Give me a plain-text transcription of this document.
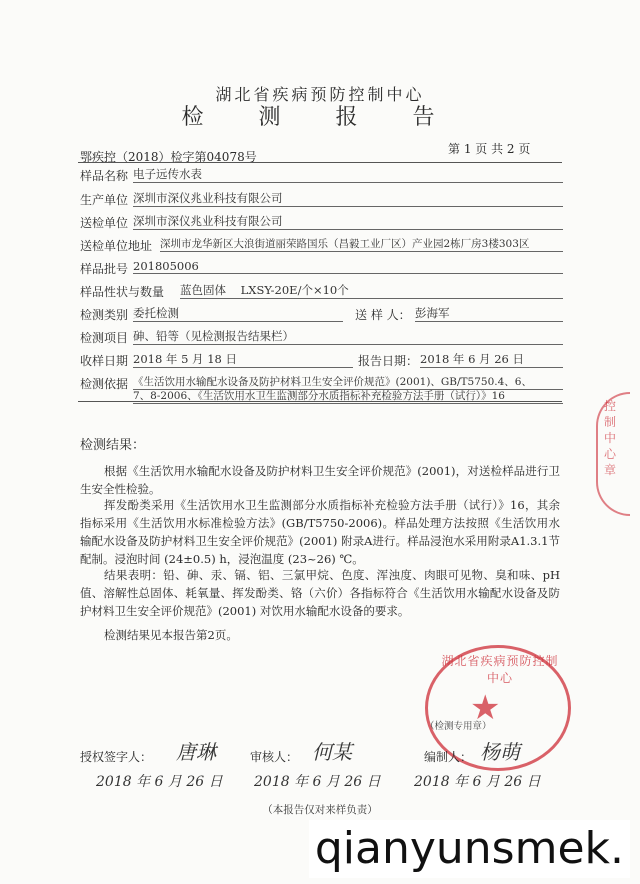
湖北省疾病预防控制中心
检 测 报 告
第 1 页 共 2 页
鄂疾控（2018）检字第04078号
样品名称 电子远传水表
生产单位 深圳市深仪兆业科技有限公司
送检单位 深圳市深仪兆业科技有限公司
送检单位地址 深圳市龙华新区大浪街道丽荣路国乐（昌毅工业厂区）产业园2栋厂房3楼303区
样品批号 201805006
样品性状与数量 蓝色固体    LXSY-20E/个×10个
检测类别 委托检测	送 样 人： 彭海军
检测项目 砷、铅等（见检测报告结果栏）
收样日期 2018 年 5 月 18 日	报告日期： 2018 年 6 月 26 日
检测依据 《生活饮用水输配水设备及防护材料卫生安全评价规范》(2001)、GB/T5750.4、6、
7、8-2006、《生活饮用水卫生监测部分水质指标补充检验方法手册（试行）》16
检测结果：
根据《生活饮用水输配水设备及防护材料卫生安全评价规范》(2001)，对送检样品进行卫生安全性检验。
挥发酚类采用《生活饮用水卫生监测部分水质指标补充检验方法手册（试行）》16，其余指标采用《生活饮用水标准检验方法》(GB/T5750-2006)。样品处理方法按照《生活饮用水输配水设备及防护材料卫生安全评价规范》(2001) 附录A进行。样品浸泡水采用附录A1.3.1节配制。浸泡时间 (24±0.5) h，浸泡温度 (23~26) ℃。
结果表明：铅、砷、汞、镉、铝、三氯甲烷、色度、浑浊度、肉眼可见物、臭和味、pH值、溶解性总固体、耗氧量、挥发酚类、铬（六价）各指标符合《生活饮用水输配水设备及防护材料卫生安全评价规范》(2001) 对饮用水输配水设备的要求。
检测结果见本报告第2页。
控制中心章
湖北省疾病预防控制中心
★
（检测专用章）
授权签字人： 唐琳
2018 年 6 月 26 日
审核人： 何某
2018 年 6 月 26 日
编制人： 杨萌
2018 年 6 月 26 日
（本报告仅对来样负责）
qianyunsmek.
